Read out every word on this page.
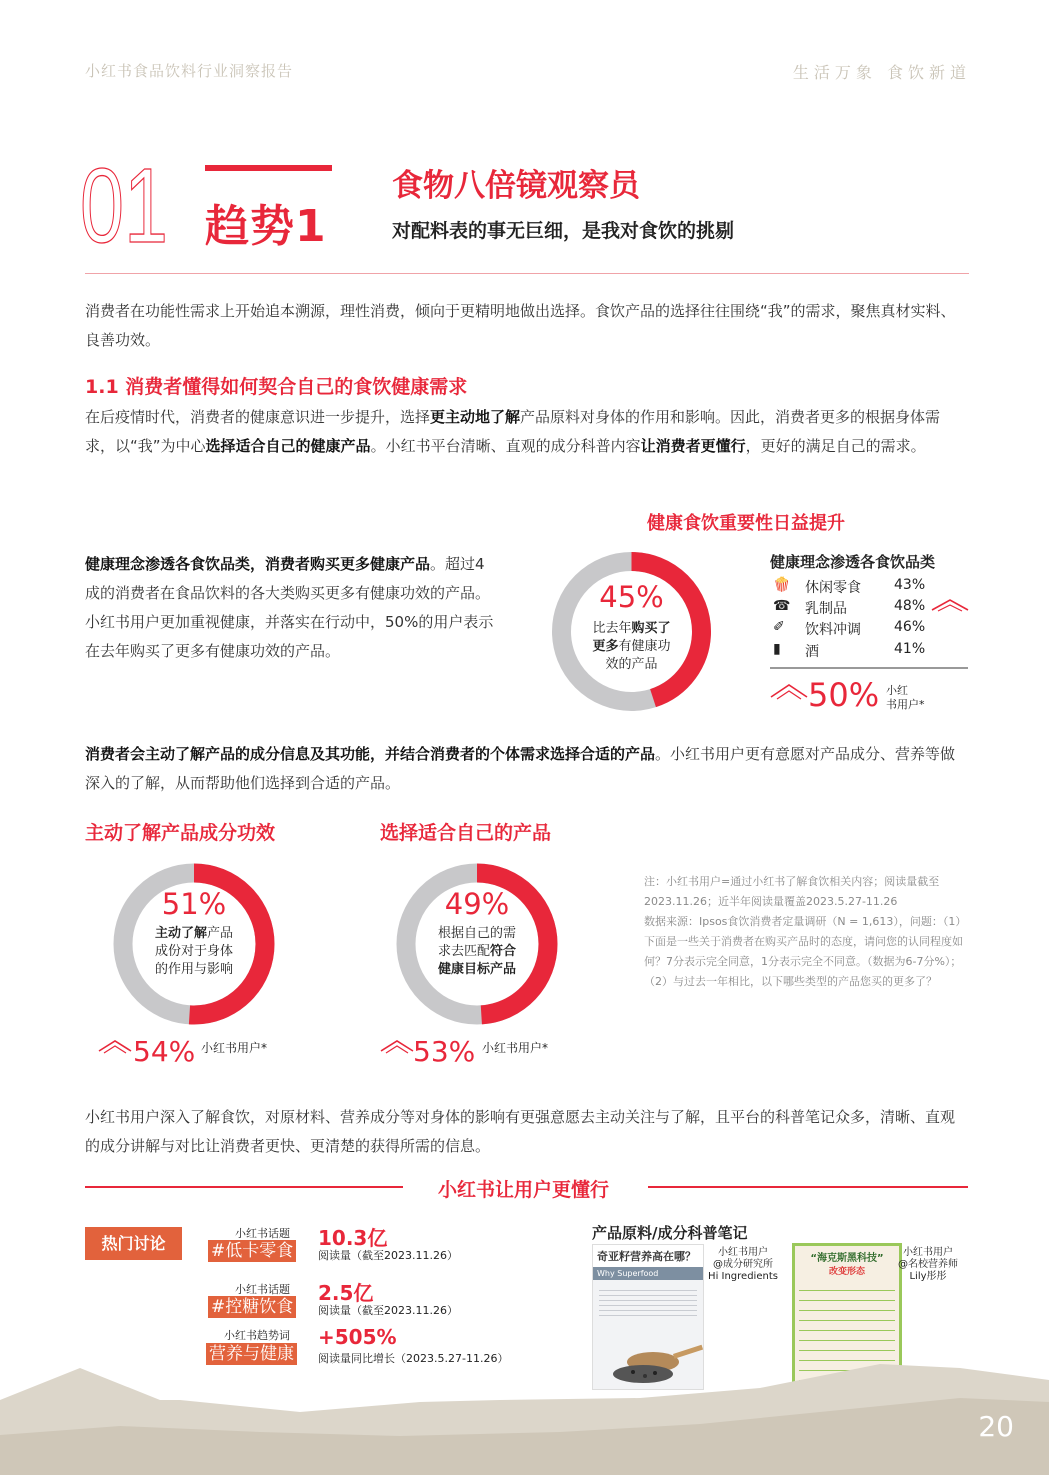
小红书食品饮料行业洞察报告	生活万象 食饮新道
01 趋势1
食物八倍镜观察员
对配料表的事无巨细，是我对食饮的挑剔

消费者在功能性需求上开始追本溯源，理性消费，倾向于更精明地做出选择。食饮产品的选择往往围绕“我”的需求，聚焦真材实料、良善功效。

1.1 消费者懂得如何契合自己的食饮健康需求

在后疫情时代，消费者的健康意识进一步提升，选择更主动地了解产品原料对身体的作用和影响。因此，消费者更多的根据身体需求，以“我”为中心选择适合自己的健康产品。小红书平台清晰、直观的成分科普内容让消费者更懂行，更好的满足自己的需求。

健康食饮重要性日益提升

健康理念渗透各食饮品类，消费者购买更多健康产品。超过4成的消费者在食品饮料的各大类购买更多有健康功效的产品。小红书用户更加重视健康，并落实在行动中，50%的用户表示在去年购买了更多有健康功效的产品。

45%
比去年购买了
更多有健康功
效的产品
健康理念渗透各食饮品类
🍿 休闲零食 43%
☎ 乳制品	48%
✐ 饮料冲调 46%
▮ 酒	41%
50% 小红
书用户*

消费者会主动了解产品的成分信息及其功能，并结合消费者的个体需求选择合适的产品。小红书用户更有意愿对产品成分、营养等做深入的了解，从而帮助他们选择到合适的产品。

主动了解产品成分功效
51%
主动了解产品
成份对于身体
的作用与影响
54% 小红书用户*
选择适合自己的产品
49%
根据自己的需
求去匹配符合
健康目标产品
53% 小红书用户*
注：小红书用户=通过小红书了解食饮相关内容；阅读量截至2023.11.26；近半年阅读量覆盖2023.5.27-11.26
数据来源：Ipsos食饮消费者定量调研（N = 1,613），问题：（1）下面是一些关于消费者在购买产品时的态度，请问您的认同程度如何？7分表示完全同意，1分表示完全不同意。（数据为6-7分%）；（2）与过去一年相比，以下哪些类型的产品您买的更多了？

小红书用户深入了解食饮，对原材料、营养成分等对身体的影响有更强意愿去主动关注与了解，且平台的科普笔记众多，清晰、直观的成分讲解与对比让消费者更快、更清楚的获得所需的信息。

小红书让用户更懂行
热门讨论
小红书话题
#低卡零食
10.3亿
阅读量（截至2023.11.26）
小红书话题
#控糖饮食
2.5亿
阅读量（截至2023.11.26）
小红书趋势词
营养与健康
+505%
阅读量同比增长（2023.5.27-11.26）
产品原料/成分科普笔记
奇亚籽营养高在哪？
Why Superfood
小红书用户
@成分研究所
Hi Ingredients
“海克斯黑科技”
改变形态
小红书用户
@名校营养师
Lily彤彤
20
